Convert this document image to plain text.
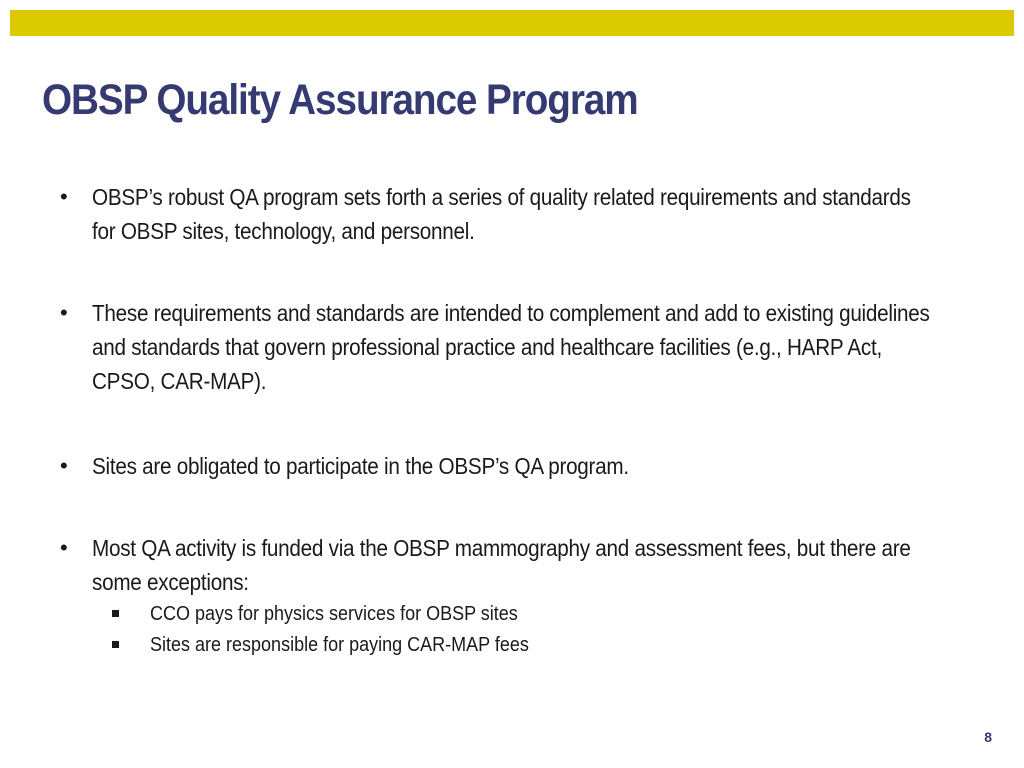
OBSP Quality Assurance Program
•	OBSP’s robust QA program sets forth a series of quality related requirements and standards for OBSP sites, technology, and personnel.
•	These requirements and standards are intended to complement and add to existing guidelines and standards that govern professional practice and healthcare facilities (e.g., HARP Act, CPSO, CAR-MAP).
•	Sites are obligated to participate in the OBSP’s QA program.
•	Most QA activity is funded via the OBSP mammography and assessment fees, but there are some exceptions:
CCO pays for physics services for OBSP sites
Sites are responsible for paying CAR-MAP fees
8
